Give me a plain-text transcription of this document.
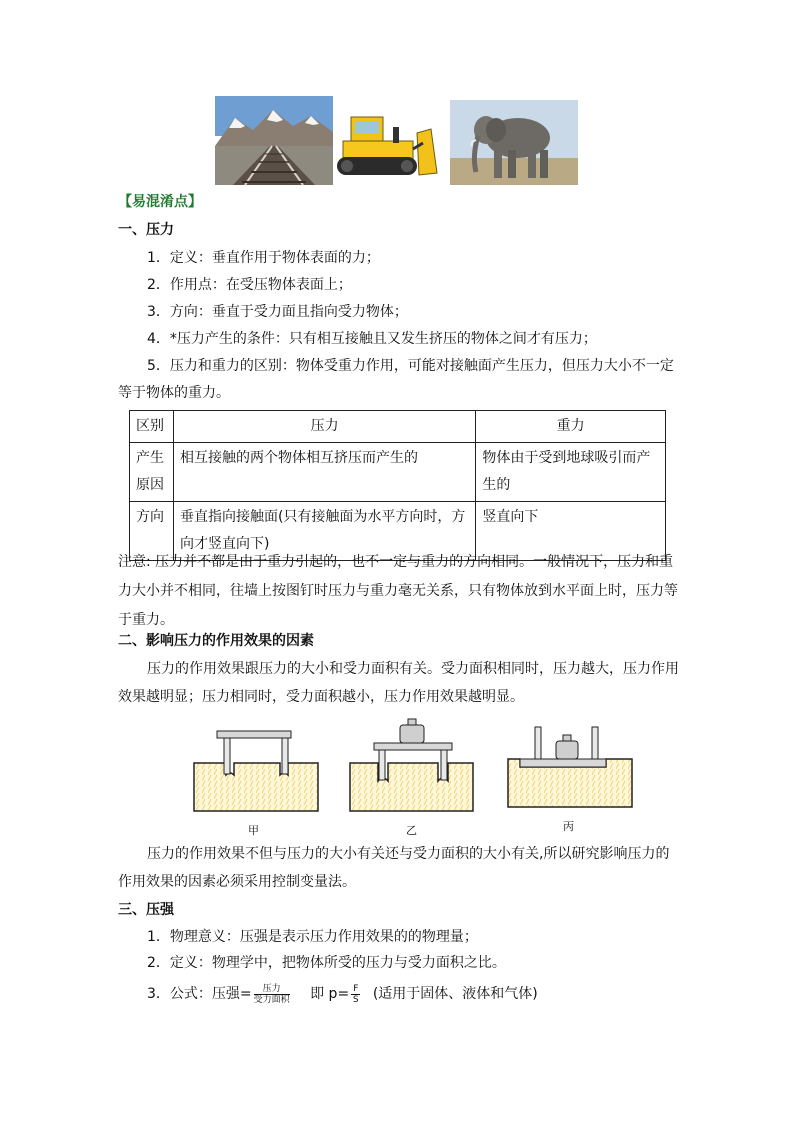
【易混淆点】
一、压力
1．定义：垂直作用于物体表面的力；
2．作用点：在受压物体表面上；
3．方向：垂直于受力面且指向受力物体；
4．*压力产生的条件：只有相互接触且又发生挤压的物体之间才有压力；
5．压力和重力的区别：物体受重力作用，可能对接触面产生压力，但压力大小不一定
等于物体的重力。
区别	压力	重力
产生
原因	相互接触的两个物体相互挤压而产生的	物体由于受到地球吸引而产
生的
方向	垂直指向接触面(只有接触面为水平方向时，方
向才竖直向下)	竖直向下
注意: 压力并不都是由于重力引起的，也不一定与重力的方向相同。一般情况下，压力和重
力大小并不相同，往墙上按图钉时压力与重力毫无关系，只有物体放到水平面上时，压力等
于重力。
二、影响压力的作用效果的因素
压力的作用效果跟压力的大小和受力面积有关。受力面积相同时，压力越大，压力作用
效果越明显；压力相同时，受力面积越小，压力作用效果越明显。
甲	乙	丙
压力的作用效果不但与压力的大小有关还与受力面积的大小有关,所以研究影响压力的
作用效果的因素必须采用控制变量法。
三、压强
1．物理意义：压强是表示压力作用效果的的物理量；
2．定义：物理学中，把物体所受的压力与受力面积之比。
3．公式：压强= $\frac{\text{压力}}{\text{受力面积}}$ 即 $p= \frac{F}{S}$ (适用于固体、液体和气体)
